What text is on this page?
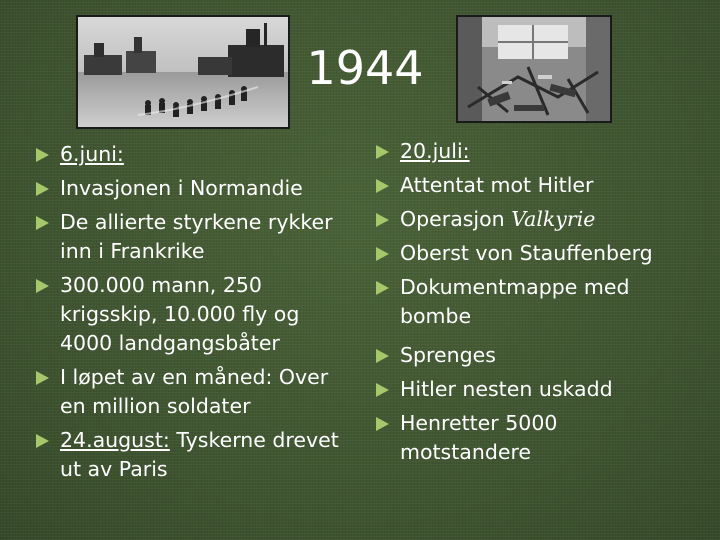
1944
6.juni:
Invasjonen i Normandie
De allierte styrkene rykker
inn i Frankrike
300.000 mann, 250
krigsskip, 10.000 fly og
4000 landgangsbåter
I løpet av en måned: Over
en million soldater
24.august: Tyskerne drevet
ut av Paris
20.juli:
Attentat mot Hitler
Operasjon Valkyrie
Oberst von Stauffenberg
Dokumentmappe med
bombe
Sprenges
Hitler nesten uskadd
Henretter 5000
motstandere
